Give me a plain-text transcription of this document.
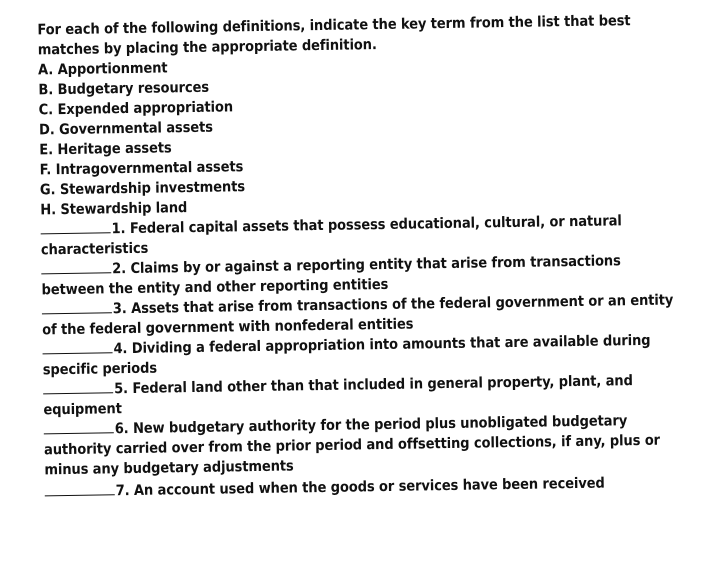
For each of the following definitions, indicate the key term from the list that best
matches by placing the appropriate definition.
A. Apportionment
B. Budgetary resources
C. Expended appropriation
D. Governmental assets
E. Heritage assets
F. Intragovernmental assets
G. Stewardship investments
H. Stewardship land
1. Federal capital assets that possess educational, cultural, or natural
characteristics
2. Claims by or against a reporting entity that arise from transactions
between the entity and other reporting entities
3. Assets that arise from transactions of the federal government or an entity
of the federal government with nonfederal entities
4. Dividing a federal appropriation into amounts that are available during
specific periods
5. Federal land other than that included in general property, plant, and
equipment
6. New budgetary authority for the period plus unobligated budgetary
authority carried over from the prior period and offsetting collections, if any, plus or
minus any budgetary adjustments
7. An account used when the goods or services have been received
